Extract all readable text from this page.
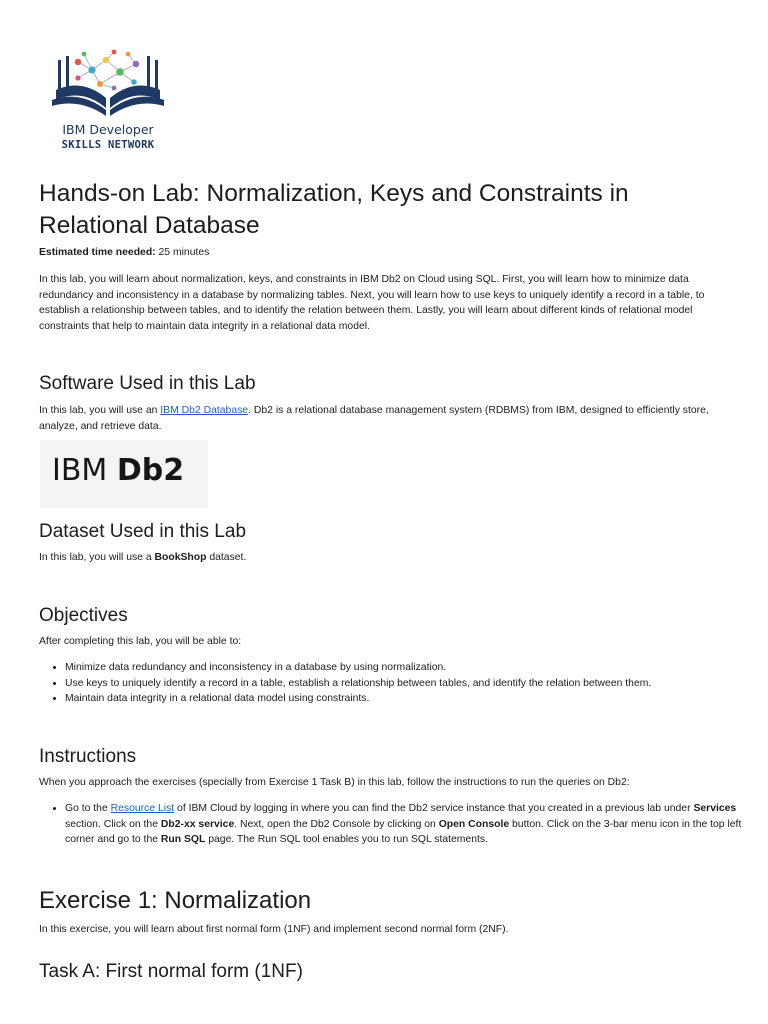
IBM Developer
SKILLS NETWORK
Hands-on Lab: Normalization, Keys and Constraints in Relational Database

Estimated time needed: 25 minutes

In this lab, you will learn about normalization, keys, and constraints in IBM Db2 on Cloud using SQL. First, you will learn how to minimize data redundancy and inconsistency in a database by normalizing tables. Next, you will learn how to use keys to uniquely identify a record in a table, to establish a relationship between tables, and to identify the relation between them. Lastly, you will learn about different kinds of relational model constraints that help to maintain data integrity in a relational data model.

Software Used in this Lab

In this lab, you will use an IBM Db2 Database. Db2 is a relational database management system (RDBMS) from IBM, designed to efficiently store, analyze, and retrieve data.

IBM Db2
Dataset Used in this Lab

In this lab, you will use a BookShop dataset.

Objectives

After completing this lab, you will be able to:

• Minimize data redundancy and inconsistency in a database by using normalization.
• Use keys to uniquely identify a record in a table, establish a relationship between tables, and identify the relation between them.
• Maintain data integrity in a relational data model using constraints.
Instructions

When you approach the exercises (specially from Exercise 1 Task B) in this lab, follow the instructions to run the queries on Db2:

• Go to the Resource List of IBM Cloud by logging in where you can find the Db2 service instance that you created in a previous lab under Services section. Click on the Db2-xx service. Next, open the Db2 Console by clicking on Open Console button. Click on the 3-bar menu icon in the top left corner and go to the Run SQL page. The Run SQL tool enables you to run SQL statements.
Exercise 1: Normalization

In this exercise, you will learn about first normal form (1NF) and implement second normal form (2NF).

Task A: First normal form (1NF)
